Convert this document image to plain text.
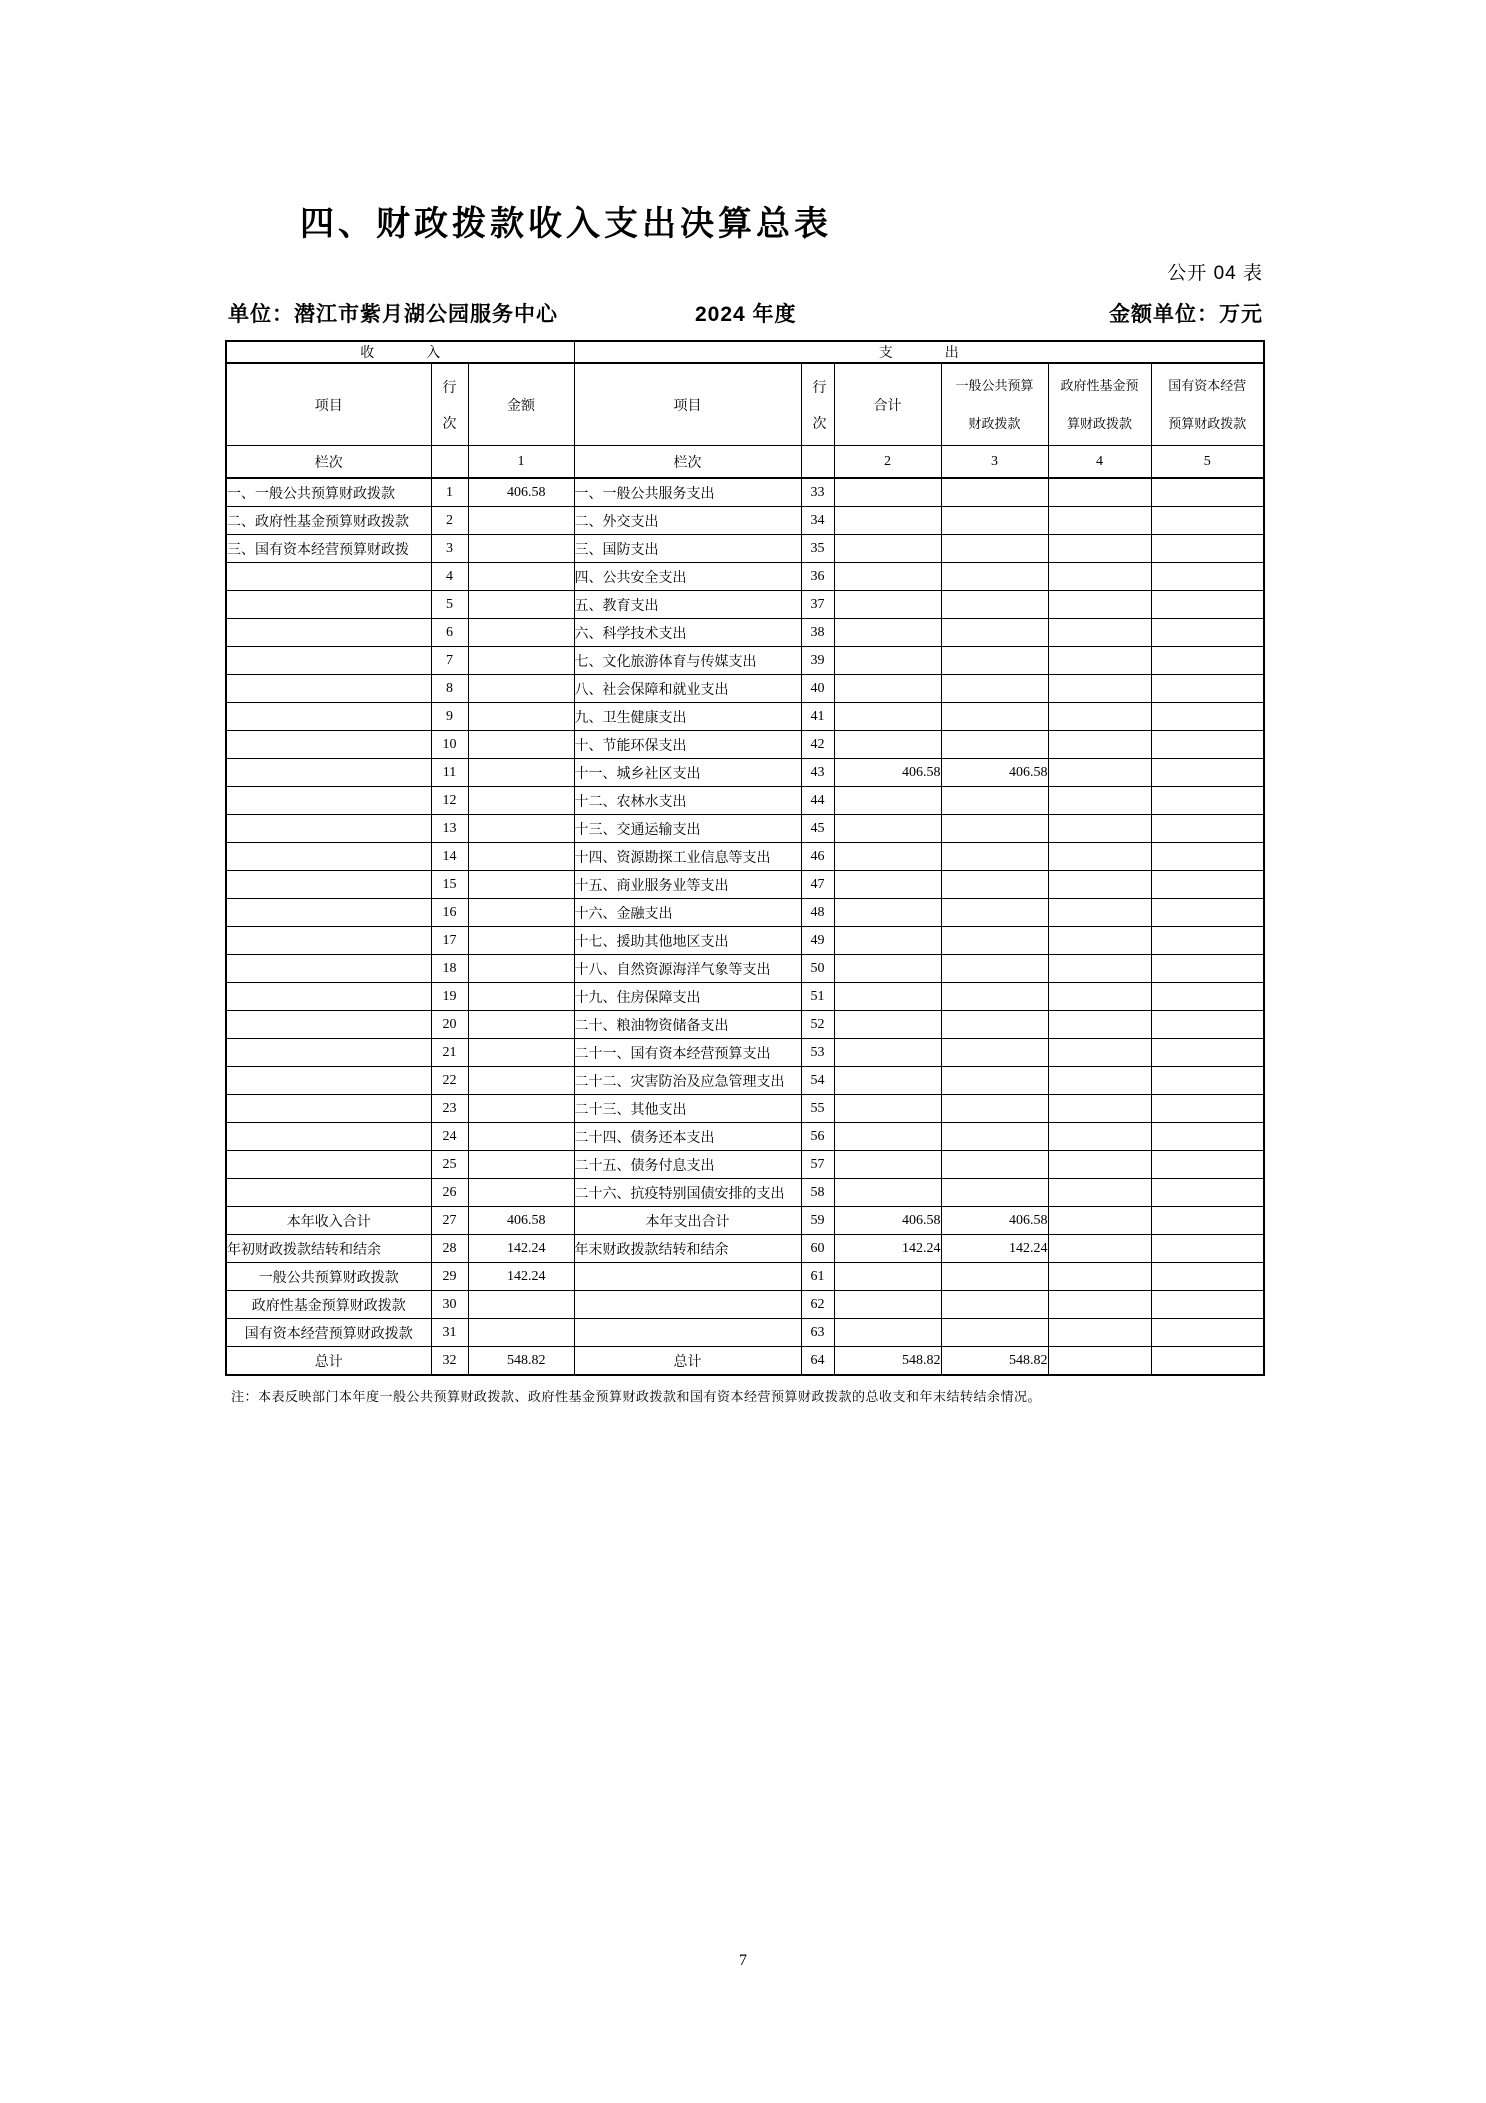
四、财政拨款收入支出决算总表
公开 04 表
单位：潜江市紫月湖公园服务中心	2024 年度	金额单位：万元
收入			支出					
项目	行次	金额	项目	行次	合计	一般公共预算财政拨款	政府性基金预算财政拨款	国有资本经营预算财政拨款
栏次		1	栏次		2	3	4	5
一、一般公共预算财政拨款	1	406.58	一、一般公共服务支出	33				
二、政府性基金预算财政拨款	2		二、外交支出	34				
三、国有资本经营预算财政拨	3		三、国防支出	35				
	4		四、公共安全支出	36				
	5		五、教育支出	37				
	6		六、科学技术支出	38				
	7		七、文化旅游体育与传媒支出	39				
	8		八、社会保障和就业支出	40				
	9		九、卫生健康支出	41				
	10		十、节能环保支出	42				
	11		十一、城乡社区支出	43	406.58	406.58		
	12		十二、农林水支出	44				
	13		十三、交通运输支出	45				
	14		十四、资源勘探工业信息等支出	46				
	15		十五、商业服务业等支出	47				
	16		十六、金融支出	48				
	17		十七、援助其他地区支出	49				
	18		十八、自然资源海洋气象等支出	50				
	19		十九、住房保障支出	51				
	20		二十、粮油物资储备支出	52				
	21		二十一、国有资本经营预算支出	53				
	22		二十二、灾害防治及应急管理支出	54				
	23		二十三、其他支出	55				
	24		二十四、债务还本支出	56				
	25		二十五、债务付息支出	57				
	26		二十六、抗疫特别国债安排的支出	58				
本年收入合计	27	406.58	本年支出合计	59	406.58	406.58		
年初财政拨款结转和结余	28	142.24	年末财政拨款结转和结余	60	142.24	142.24		
一般公共预算财政拨款	29	142.24		61				
政府性基金预算财政拨款	30			62				
国有资本经营预算财政拨款	31			63				
总计	32	548.82	总计	64	548.82	548.82		
注：本表反映部门本年度一般公共预算财政拨款、政府性基金预算财政拨款和国有资本经营预算财政拨款的总收支和年末结转结余情况。
7
